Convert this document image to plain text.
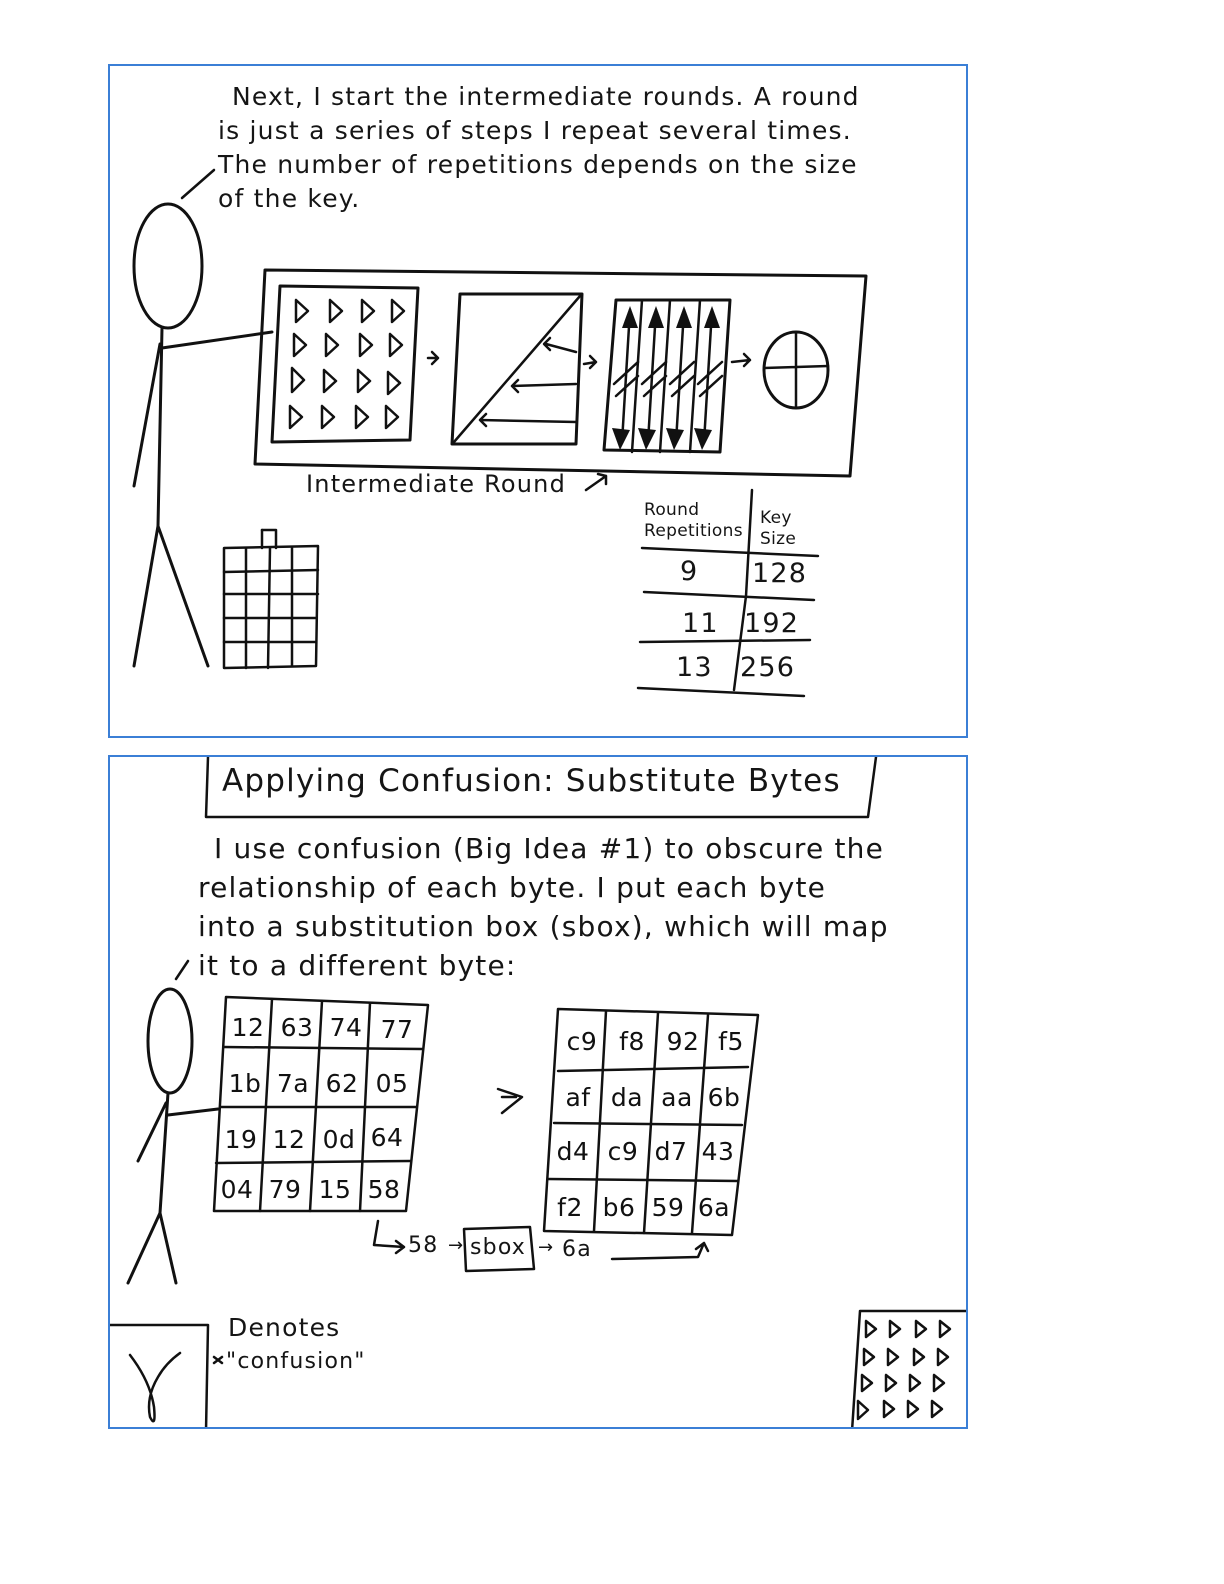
Next, I start the intermediate rounds. A round
is just a series of steps I repeat several times.
The number of repetitions depends on the size
of the key.
Intermediate Round
Round Repetitions
Key Size
9 128
11 192
13 256
Applying Confusion: Substitute Bytes
I use confusion (Big Idea #1) to obscure the
relationship of each byte. I put each byte
into a substitution box (sbox), which will map
it to a different byte:
12 63 74 77
1b 7a 62 05
19 12 0d 64
04 79 15 58
c9 f8 92 f5
af da aa 6b
d4 c9 d7 43
f2 b6 59 6a
58 → sbox → 6a
Denotes
"confusion"
